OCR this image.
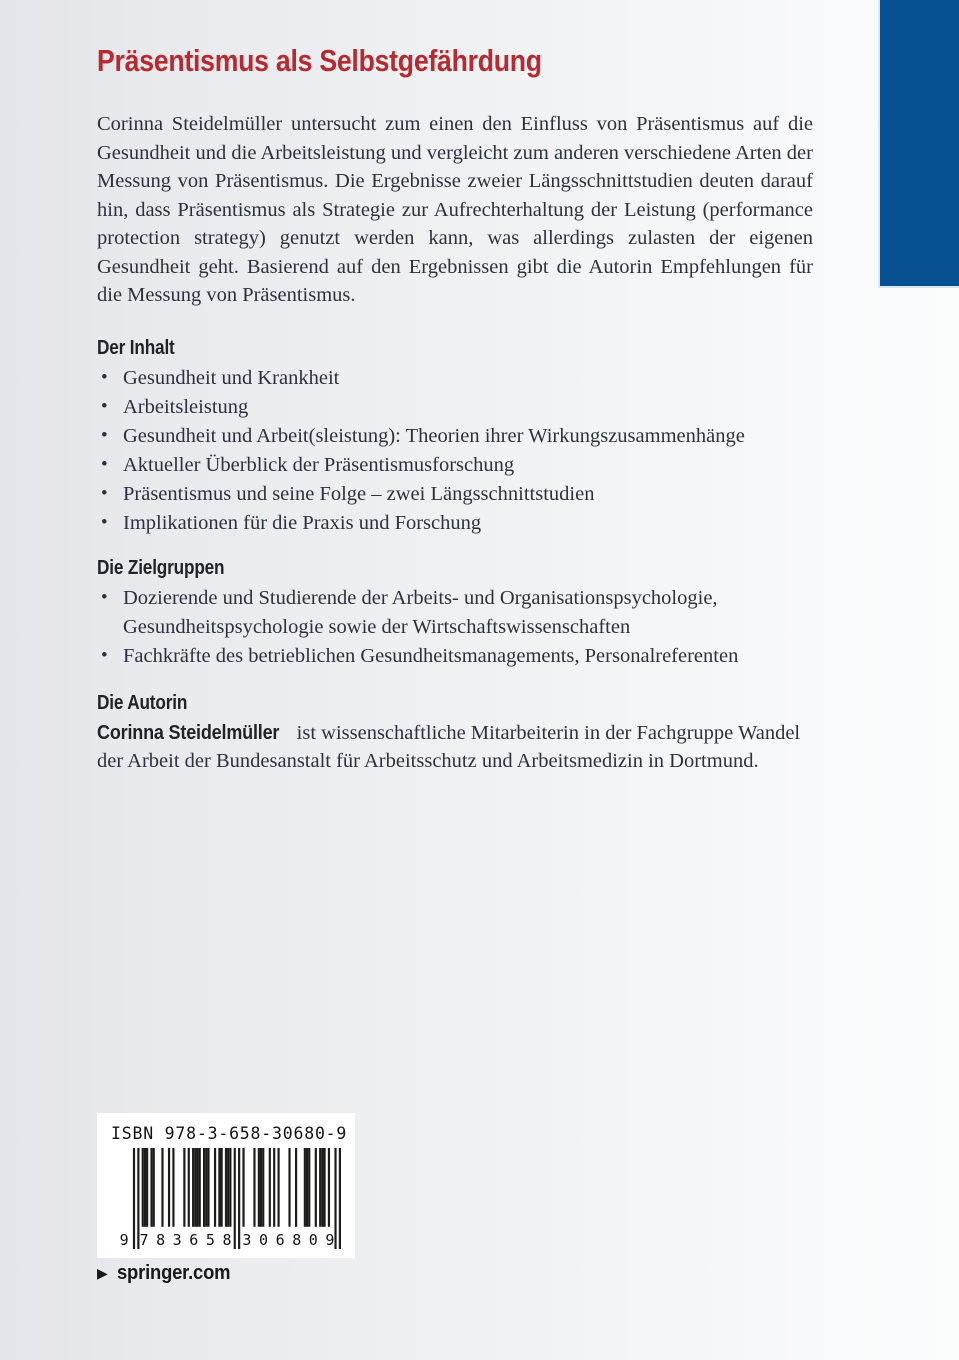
Präsentismus als Selbstgefährdung

Corinna Steidelmüller untersucht zum einen den Einfluss von Präsentismus auf die Gesundheit und die Arbeitsleistung und vergleicht zum anderen verschiedene Arten der Messung von Präsentismus. Die Ergebnisse zweier Längsschnittstudien deuten darauf hin, dass Präsentismus als Strategie zur Aufrechterhaltung der Leistung (performance protection strategy) genutzt werden kann, was allerdings zulasten der eigenen Gesundheit geht. Basierend auf den Ergebnissen gibt die Autorin Empfehlungen für die Messung von Präsentismus.

Der Inhalt
• Gesundheit und Krankheit
• Arbeitsleistung
• Gesundheit und Arbeit(sleistung): Theorien ihrer Wirkungszusammenhänge
• Aktueller Überblick der Präsentismusforschung
• Präsentismus und seine Folge – zwei Längsschnittstudien
• Implikationen für die Praxis und Forschung
Die Zielgruppen
• Dozierende und Studierende der Arbeits- und Organisationspsychologie, Gesundheitspsychologie sowie der Wirtschaftswissenschaften
• Fachkräfte des betrieblichen Gesundheitsmanagements, Personalreferenten
Die Autorin

Corinna Steidelmüller ist wissenschaftliche Mitarbeiterin in der Fachgruppe Wandel der Arbeit der Bundesanstalt für Arbeitsschutz und Arbeitsmedizin in Dortmund.

ISBN 978-3-658-30680-9
9 7 8 3 6 5 8 3 0 6 8 0 9
▶ springer.com
